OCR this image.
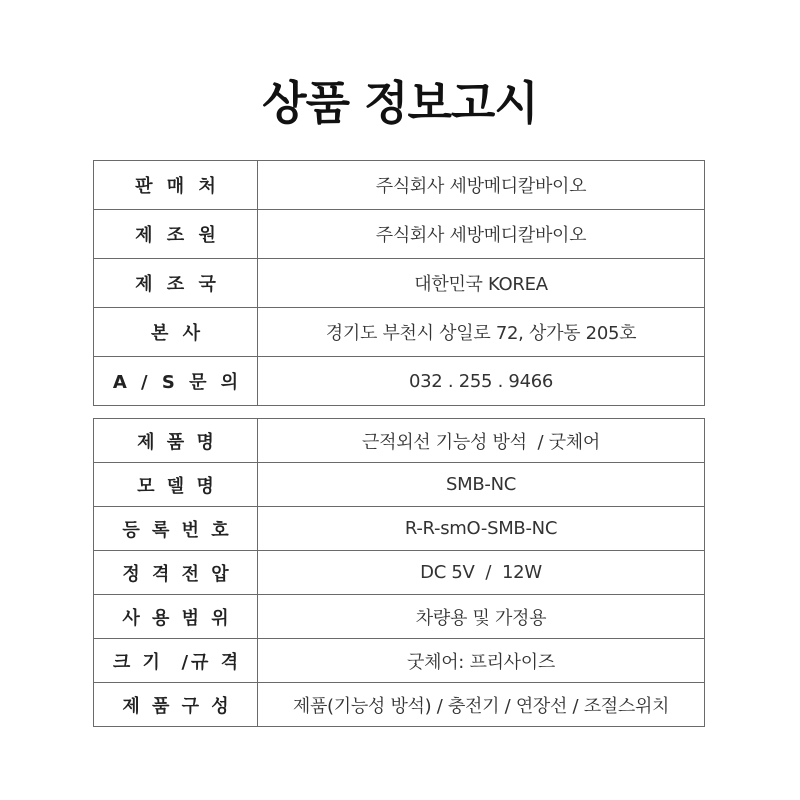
상품 정보고시
판 매 처	주식회사 세방메디칼바이오
제 조 원	주식회사 세방메디칼바이오
제 조 국	대한민국 KOREA
본 사	경기도 부천시 상일로 72, 상가동 205호
A / S 문 의	032 . 255 . 9466
제 품 명	근적외선 기능성 방석  / 굿체어
모 델 명	SMB-NC
등 록 번 호	R-R-smO-SMB-NC
정 격 전 압	DC 5V  /  12W
사 용 범 위	차량용 및 가정용
크 기  /규 격	굿체어: 프리사이즈
제 품 구 성	제품(기능성 방석) / 충전기 / 연장선 / 조절스위치
